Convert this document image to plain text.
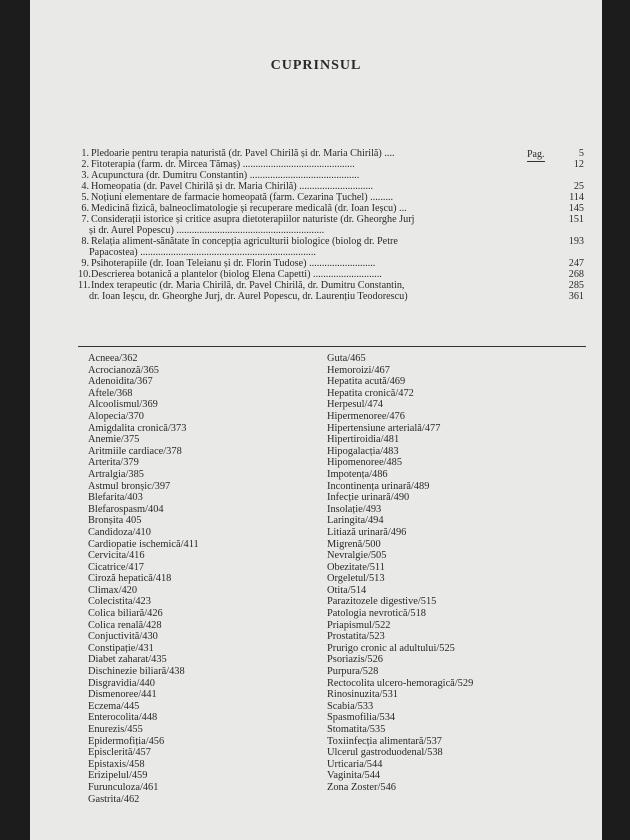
CUPRINSUL
Pag.
1. Pledoarie pentru terapia naturistă (dr. Pavel Chirilă și dr. Maria Chirilă) ....	5
2. Fitoterapia (farm. dr. Mircea Tămaș) ............................................	12
3. Acupunctura (dr. Dumitru Constantin) ...........................................
4. Homeopatia (dr. Pavel Chirilă și dr. Maria Chirilă) .............................	25
5. Noțiuni elementare de farmacie homeopată (farm. Cezarina Țuchel) .........	114
6. Medicină fizică, balneoclimatologie și recuperare medicală (dr. Ioan Ieșcu) ...	145
7. Considerații istorice și critice asupra dietoterapiilor naturiste (dr. Gheorghe Jurj	151
și dr. Aurel Popescu) ..........................................................
8. Relația aliment-sănătate în concepția agriculturii biologice (biolog dr. Petre	193
Papacostea) .....................................................................
9. Psihoterapiile (dr. Ioan Teleianu și dr. Florin Tudose) ..........................	247
10.Descrierea botanică a plantelor (biolog Elena Capetti) ...........................	268
11.Index terapeutic (dr. Maria Chirilă, dr. Pavel Chirilă, dr. Dumitru Constantin,	285
dr. Ioan Ieșcu, dr. Gheorghe Jurj, dr. Aurel Popescu, dr. Laurențiu Teodorescu)	361
Acneea/362
Acrocianoză/365
Adenoidita/367
Aftele/368
Alcoolismul/369
Alopecia/370
Amigdalita cronică/373
Anemie/375
Aritmiile cardiace/378
Arterita/379
Artralgia/385
Astmul bronșic/397
Blefarita/403
Blefarospasm/404
Bronșita 405
Candidoza/410
Cardiopatie ischemică/411
Cervicita/416
Cicatrice/417
Ciroză hepatică/418
Climax/420
Colecistita/423
Colica biliară/426
Colica renală/428
Conjuctivită/430
Constipație/431
Diabet zaharat/435
Dischinezie biliară/438
Disgravidia/440
Dismenoree/441
Eczema/445
Enterocolita/448
Enurezis/455
Epidermofiția/456
Episclerită/457
Epistaxis/458
Erizipelul/459
Furunculoza/461
Gastrita/462
Guta/465
Hemoroizi/467
Hepatita acută/469
Hepatita cronică/472
Herpesul/474
Hipermenoree/476
Hipertensiune arterială/477
Hipertiroidia/481
Hipogalacția/483
Hipomenoree/485
Impotența/486
Incontinența urinară/489
Infecție urinară/490
Insolație/493
Laringita/494
Litiază urinară/496
Migrenă/500
Nevralgie/505
Obezitate/511
Orgeletul/513
Otita/514
Parazitozele digestive/515
Patologia nevrotică/518
Priapismul/522
Prostatita/523
Prurigo cronic al adultului/525
Psoriazis/526
Purpura/528
Rectocolita ulcero-hemoragică/529
Rinosinuzita/531
Scabia/533
Spasmofilia/534
Stomatita/535
Toxiinfecția alimentară/537
Ulcerul gastroduodenal/538
Urticaria/544
Vaginita/544
Zona Zoster/546
